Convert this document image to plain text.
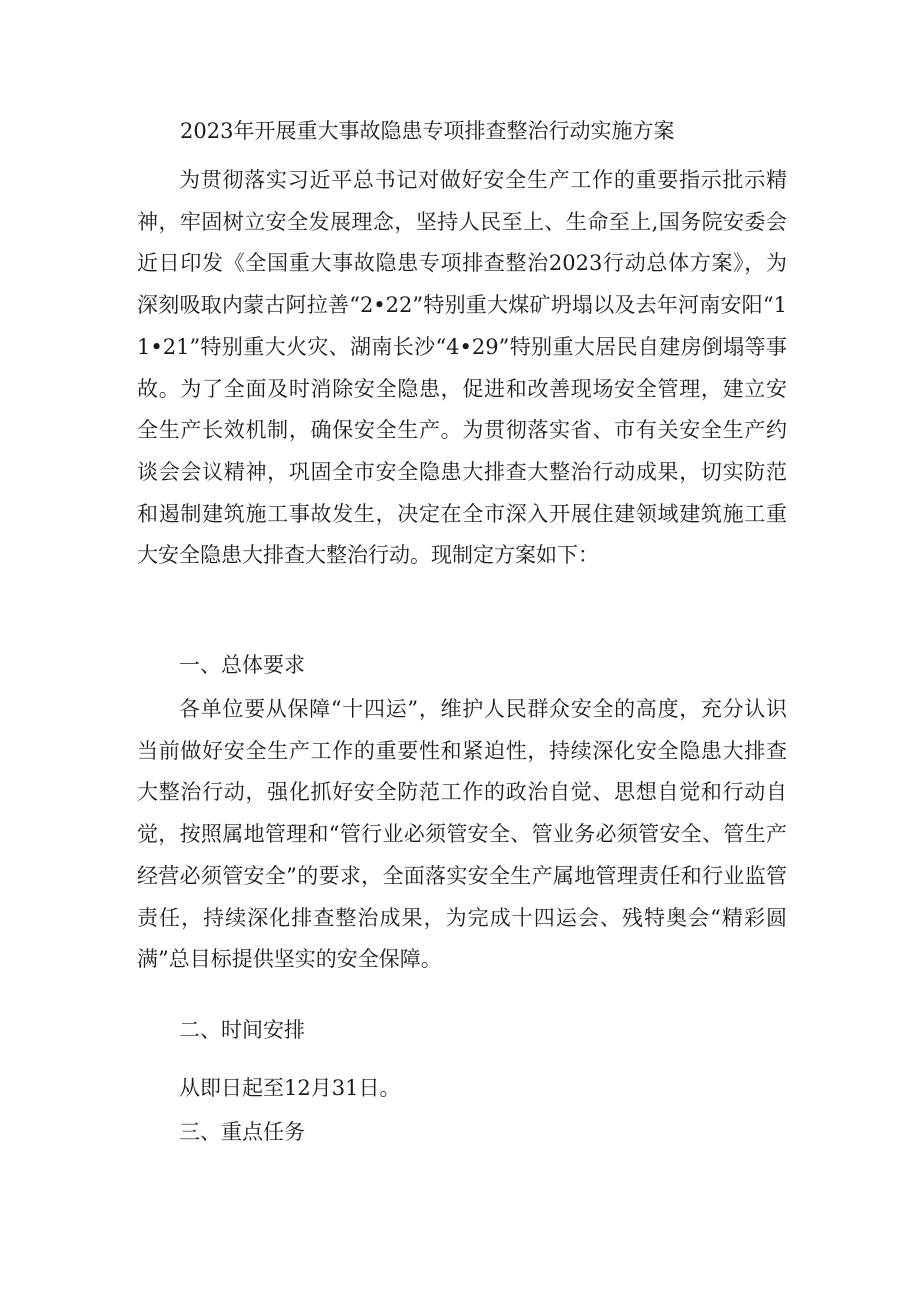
2023年开展重大事故隐患专项排查整治行动实施方案
为贯彻落实习近平总书记对做好安全生产工作的重要指示批示精神，牢固树立安全发展理念，坚持人民至上、生命至上,国务院安委会近日印发《全国重大事故隐患专项排查整治2023行动总体方案》，为深刻吸取内蒙古阿拉善“2•22”特别重大煤矿坍塌以及去年河南安阳“11•21”特别重大火灾、湖南长沙“4•29”特别重大居民自建房倒塌等事故。为了全面及时消除安全隐患，促进和改善现场安全管理，建立安全生产长效机制，确保安全生产。为贯彻落实省、市有关安全生产约谈会会议精神，巩固全市安全隐患大排查大整治行动成果，切实防范和遏制建筑施工事故发生，决定在全市深入开展住建领域建筑施工重大安全隐患大排查大整治行动。现制定方案如下：
一、总体要求
各单位要从保障“十四运”，维护人民群众安全的高度，充分认识当前做好安全生产工作的重要性和紧迫性，持续深化安全隐患大排查大整治行动，强化抓好安全防范工作的政治自觉、思想自觉和行动自觉，按照属地管理和“管行业必须管安全、管业务必须管安全、管生产经营必须管安全”的要求，全面落实安全生产属地管理责任和行业监管责任，持续深化排查整治成果，为完成十四运会、残特奥会“精彩圆满”总目标提供坚实的安全保障。
二、时间安排
从即日起至12月31日。
三、重点任务
